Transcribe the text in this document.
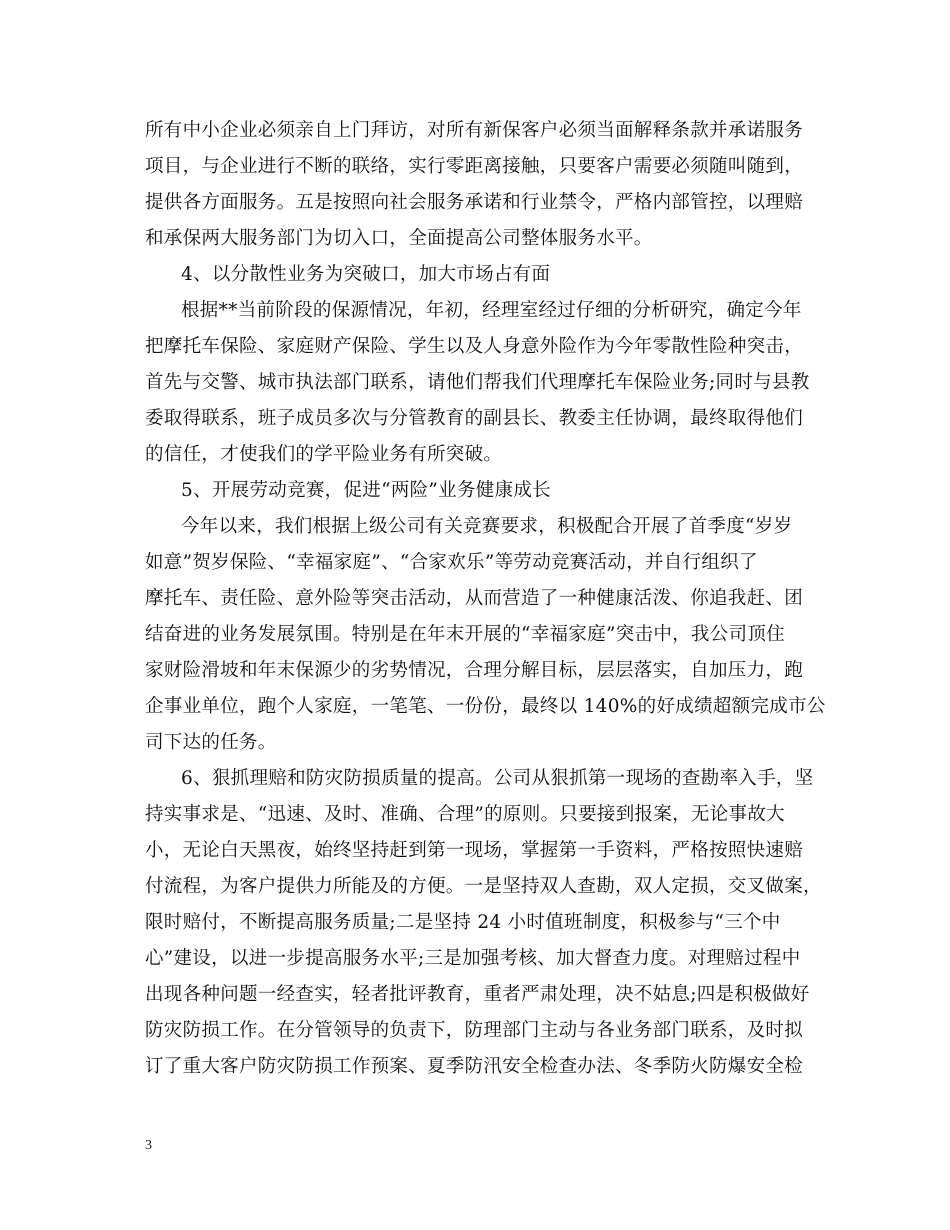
所有中小企业必须亲自上门拜访，对所有新保客户必须当面解释条款并承诺服务
项目，与企业进行不断的联络，实行零距离接触，只要客户需要必须随叫随到，
提供各方面服务。五是按照向社会服务承诺和行业禁令，严格内部管控，以理赔
和承保两大服务部门为切入口，全面提高公司整体服务水平。
4、以分散性业务为突破口，加大市场占有面
根据**当前阶段的保源情况，年初，经理室经过仔细的分析研究，确定今年
把摩托车保险、家庭财产保险、学生以及人身意外险作为今年零散性险种突击，
首先与交警、城市执法部门联系，请他们帮我们代理摩托车保险业务;同时与县教
委取得联系，班子成员多次与分管教育的副县长、教委主任协调，最终取得他们
的信任，才使我们的学平险业务有所突破。
5、开展劳动竞赛，促进“两险”业务健康成长
今年以来，我们根据上级公司有关竞赛要求，积极配合开展了首季度“岁岁
如意”贺岁保险、“幸福家庭”、“合家欢乐”等劳动竞赛活动，并自行组织了
摩托车、责任险、意外险等突击活动，从而营造了一种健康活泼、你追我赶、团
结奋进的业务发展氛围。特别是在年末开展的“幸福家庭”突击中，我公司顶住
家财险滑坡和年末保源少的劣势情况，合理分解目标，层层落实，自加压力，跑
企事业单位，跑个人家庭，一笔笔、一份份，最终以 140%的好成绩超额完成市公
司下达的任务。
6、狠抓理赔和防灾防损质量的提高。公司从狠抓第一现场的查勘率入手，坚
持实事求是、“迅速、及时、准确、合理”的原则。只要接到报案，无论事故大
小，无论白天黑夜，始终坚持赶到第一现场，掌握第一手资料，严格按照快速赔
付流程，为客户提供力所能及的方便。一是坚持双人查勘，双人定损，交叉做案，
限时赔付，不断提高服务质量;二是坚持 24 小时值班制度，积极参与“三个中
心”建设，以进一步提高服务水平;三是加强考核、加大督查力度。对理赔过程中
出现各种问题一经查实，轻者批评教育，重者严肃处理，决不姑息;四是积极做好
防灾防损工作。在分管领导的负责下，防理部门主动与各业务部门联系，及时拟
订了重大客户防灾防损工作预案、夏季防汛安全检查办法、冬季防火防爆安全检
3
